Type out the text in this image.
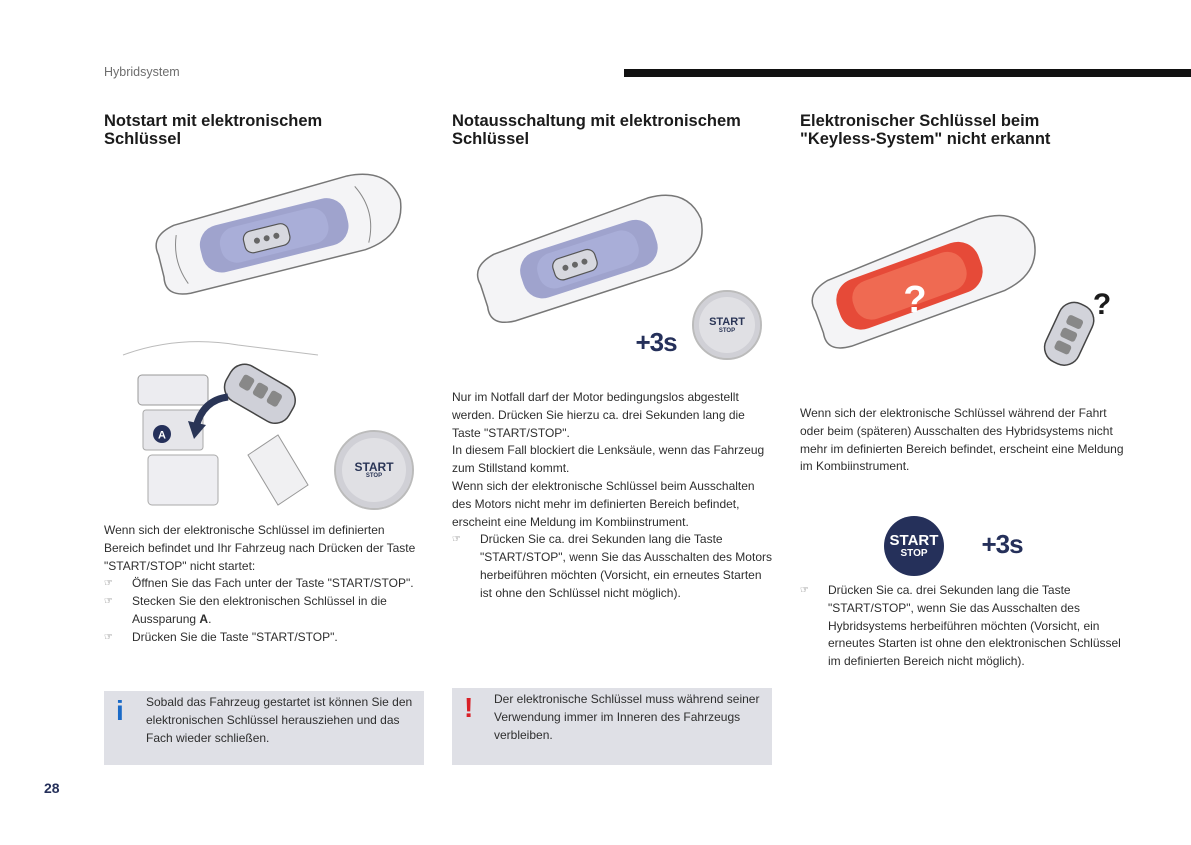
Hybridsystem
Notstart mit elektronischem
Schlüssel
A
START
STOP

Wenn sich der elektronische Schlüssel im definierten Bereich befindet und Ihr Fahrzeug nach Drücken der Taste "START/STOP" nicht startet:

☞ Öffnen Sie das Fach unter der Taste "START/STOP".
☞ Stecken Sie den elektronischen Schlüssel in die Aussparung A.
☞ Drücken Sie die Taste "START/STOP".
i Sobald das Fahrzeug gestartet ist können Sie den elektronischen Schlüssel herausziehen und das Fach wieder schließen.
Notausschaltung mit elektronischem
Schlüssel
+3s
START
STOP

Nur im Notfall darf der Motor bedingungslos abgestellt werden. Drücken Sie hierzu ca. drei Sekunden lang die Taste "START/STOP".

In diesem Fall blockiert die Lenksäule, wenn das Fahrzeug zum Stillstand kommt.

Wenn sich der elektronische Schlüssel beim Ausschalten des Motors nicht mehr im definierten Bereich befindet, erscheint eine Meldung im Kombiinstrument.

☞ Drücken Sie ca. drei Sekunden lang die Taste "START/STOP", wenn Sie das Ausschalten des Motors herbeiführen möchten (Vorsicht, ein erneutes Starten ist ohne den Schlüssel nicht möglich).
! Der elektronische Schlüssel muss während seiner Verwendung immer im Inneren des Fahrzeugs verbleiben.
Elektronischer Schlüssel beim
"Keyless-System" nicht erkannt
?	?

Wenn sich der elektronische Schlüssel während der Fahrt oder beim (späteren) Ausschalten des Hybridsystems nicht mehr im definierten Bereich befindet, erscheint eine Meldung im Kombiinstrument.

START
STOP	+3s
☞ Drücken Sie ca. drei Sekunden lang die Taste "START/STOP", wenn Sie das Ausschalten des Hybridsystems herbeiführen möchten (Vorsicht, ein erneutes Starten ist ohne den elektronischen Schlüssel im definierten Bereich nicht möglich).
28
